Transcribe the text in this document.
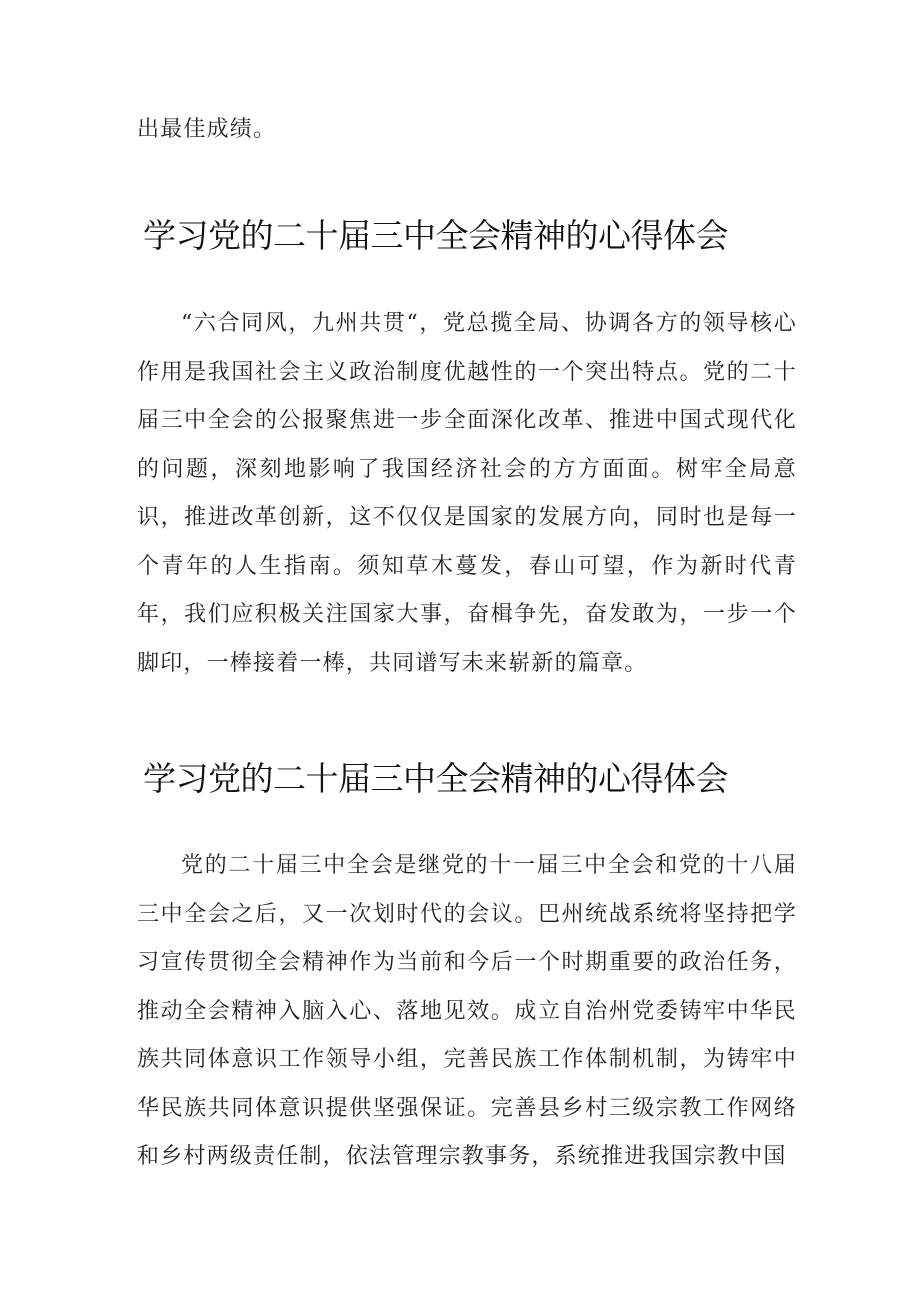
出最佳成绩。

学习党的二十届三中全会精神的心得体会

“六合同风，九州共贯“，党总揽全局、协调各方的领导核心作用是我国社会主义政治制度优越性的一个突出特点。党的二十届三中全会的公报聚焦进一步全面深化改革、推进中国式现代化的问题，深刻地影响了我国经济社会的方方面面。树牢全局意识，推进改革创新，这不仅仅是国家的发展方向，同时也是每一个青年的人生指南。须知草木蔓发，春山可望，作为新时代青年，我们应积极关注国家大事，奋楫争先，奋发敢为，一步一个脚印，一棒接着一棒，共同谱写未来崭新的篇章。

学习党的二十届三中全会精神的心得体会

党的二十届三中全会是继党的十一届三中全会和党的十八届三中全会之后，又一次划时代的会议。巴州统战系统将坚持把学习宣传贯彻全会精神作为当前和今后一个时期重要的政治任务，推动全会精神入脑入心、落地见效。成立自治州党委铸牢中华民族共同体意识工作领导小组，完善民族工作体制机制，为铸牢中华民族共同体意识提供坚强保证。完善县乡村三级宗教工作网络和乡村两级责任制，依法管理宗教事务，系统推进我国宗教中国
